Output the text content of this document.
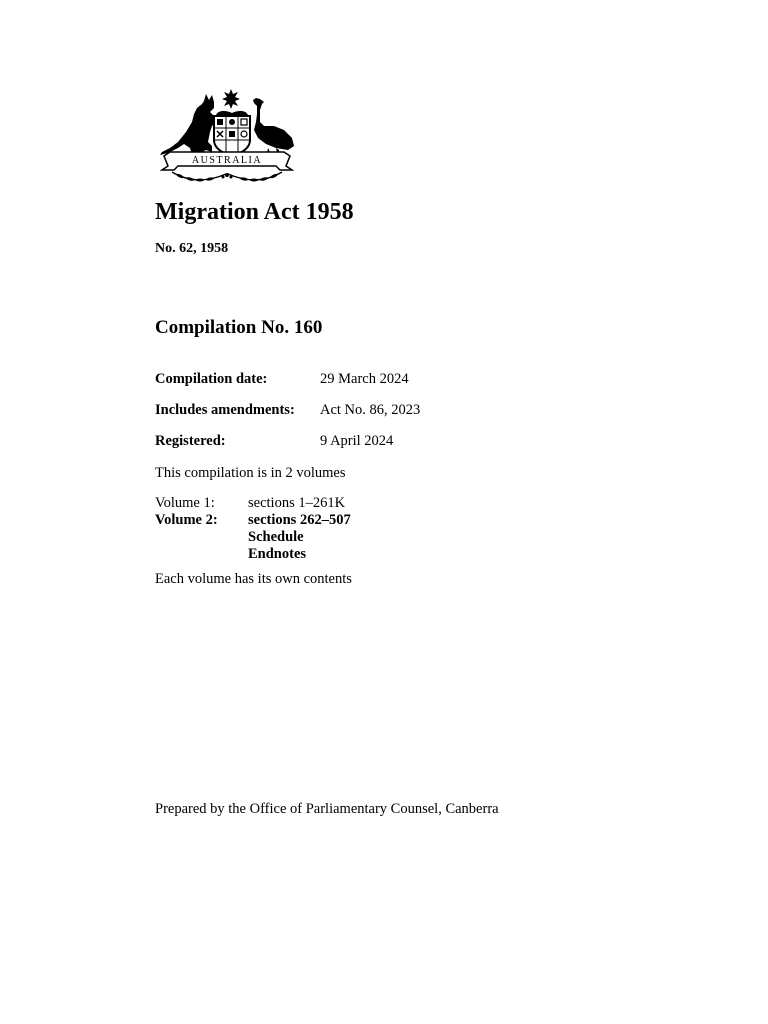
AUSTRALIA
Migration Act 1958
No. 62, 1958
Compilation No. 160
Compilation date:	29 March 2024
Includes amendments: Act No. 86, 2023
Registered:	9 April 2024
This compilation is in 2 volumes
Volume 1: sections 1–261K
Volume 2: sections 262–507
Schedule
Endnotes
Each volume has its own contents
Prepared by the Office of Parliamentary Counsel, Canberra
